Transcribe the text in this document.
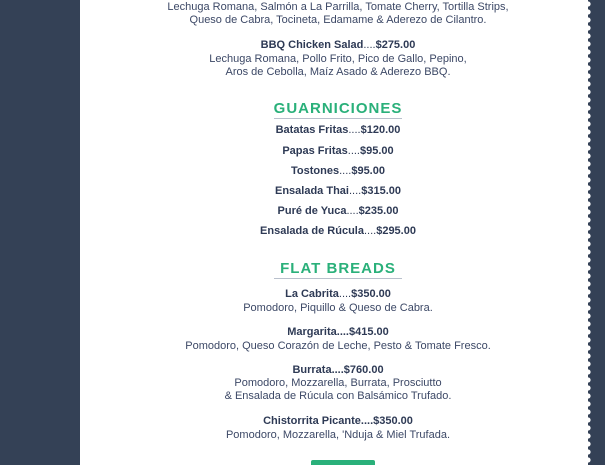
Lechuga Romana, Salmón a La Parrilla, Tomate Cherry, Tortilla Strips,
Queso de Cabra, Tocineta, Edamame & Aderezo de Cilantro.
BBQ Chicken Salad....$275.00
Lechuga Romana, Pollo Frito, Pico de Gallo, Pepino,
Aros de Cebolla, Maíz Asado & Aderezo BBQ.
GUARNICIONES
Batatas Fritas....$120.00
Papas Fritas....$95.00
Tostones....$95.00
Ensalada Thai....$315.00
Puré de Yuca....$235.00
Ensalada de Rúcula....$295.00
FLAT BREADS
La Cabrita....$350.00
Pomodoro, Piquillo & Queso de Cabra.
Margarita....$415.00
Pomodoro, Queso Corazón de Leche, Pesto & Tomate Fresco.
Burrata....$760.00
Pomodoro, Mozzarella, Burrata, Prosciutto
& Ensalada de Rúcula con Balsámico Trufado.
Chistorrita Picante....$350.00
Pomodoro, Mozzarella, 'Nduja & Miel Trufada.
